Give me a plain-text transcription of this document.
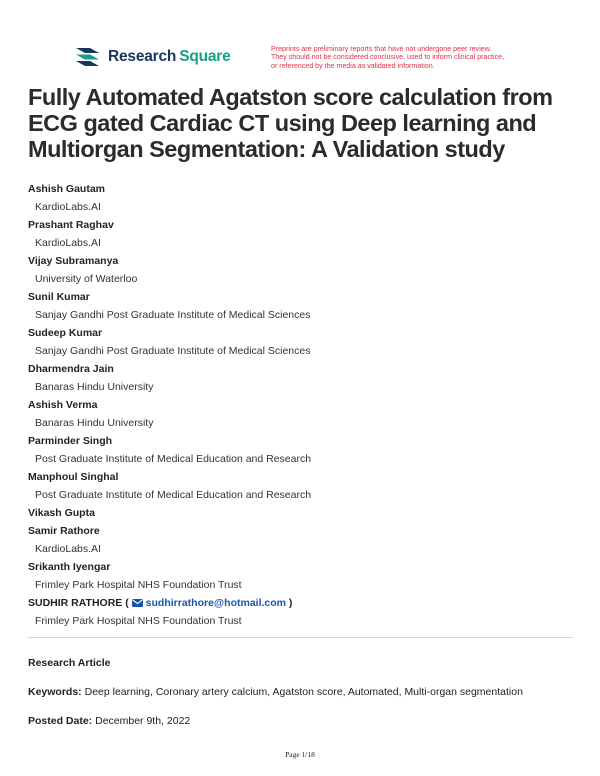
Research Square	Preprints are preliminary reports that have not undergone peer review.
They should not be considered conclusive, used to inform clinical practice,
or referenced by the media as validated information.
Fully Automated Agatston score calculation from ECG gated Cardiac CT using Deep learning and Multiorgan Segmentation: A Validation study
Ashish Gautam
KardioLabs.AI
Prashant Raghav
KardioLabs.AI
Vijay Subramanya
University of Waterloo
Sunil Kumar
Sanjay Gandhi Post Graduate Institute of Medical Sciences
Sudeep Kumar
Sanjay Gandhi Post Graduate Institute of Medical Sciences
Dharmendra Jain
Banaras Hindu University
Ashish Verma
Banaras Hindu University
Parminder Singh
Post Graduate Institute of Medical Education and Research
Manphoul Singhal
Post Graduate Institute of Medical Education and Research
Vikash Gupta
Samir Rathore
KardioLabs.AI
Srikanth Iyengar
Frimley Park Hospital NHS Foundation Trust
SUDHIR RATHORE ( sudhirrathore@hotmail.com )
Frimley Park Hospital NHS Foundation Trust
Research Article
Keywords: Deep learning, Coronary artery calcium, Agatston score, Automated, Multi-organ segmentation
Posted Date: December 9th, 2022
Page 1/18
